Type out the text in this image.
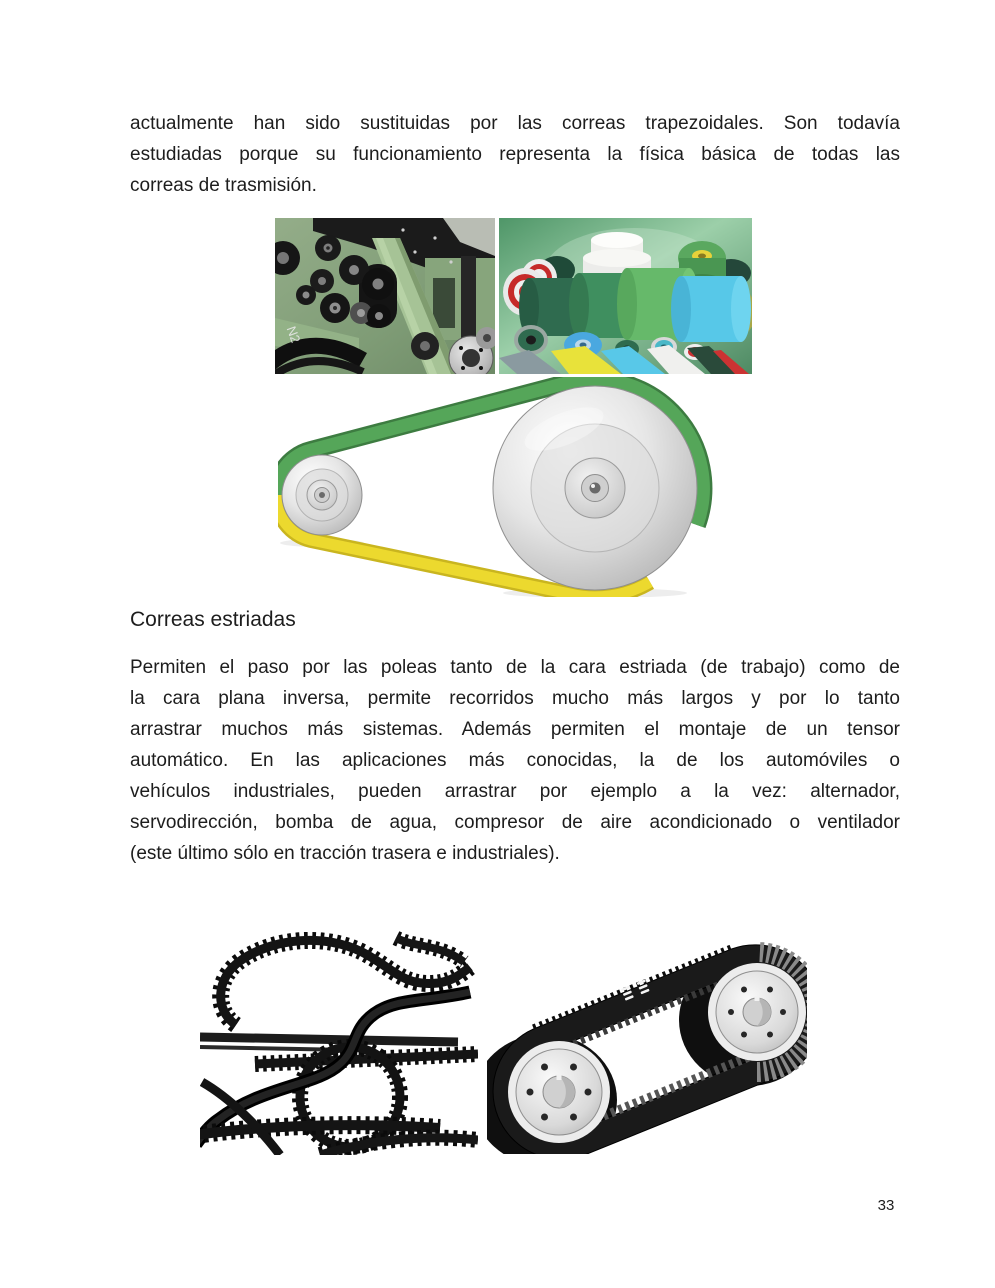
actualmente han sido sustituidas por las correas trapezoidales. Son todavía
estudiadas porque su funcionamiento representa la física básica de todas las
correas de trasmisión.
N2
Correas estriadas
Permiten el paso por las poleas tanto de la cara estriada (de trabajo) como de
la cara plana inversa, permite recorridos mucho más largos y por lo tanto
arrastrar muchos más sistemas. Además permiten el montaje de un tensor
automático. En las aplicaciones más conocidas, la de los automóviles o
vehículos industriales, pueden arrastrar por ejemplo a la vez: alternador,
servodirección, bomba de agua, compresor de aire acondicionado o ventilador
(este último sólo en tracción trasera e industriales).
33
